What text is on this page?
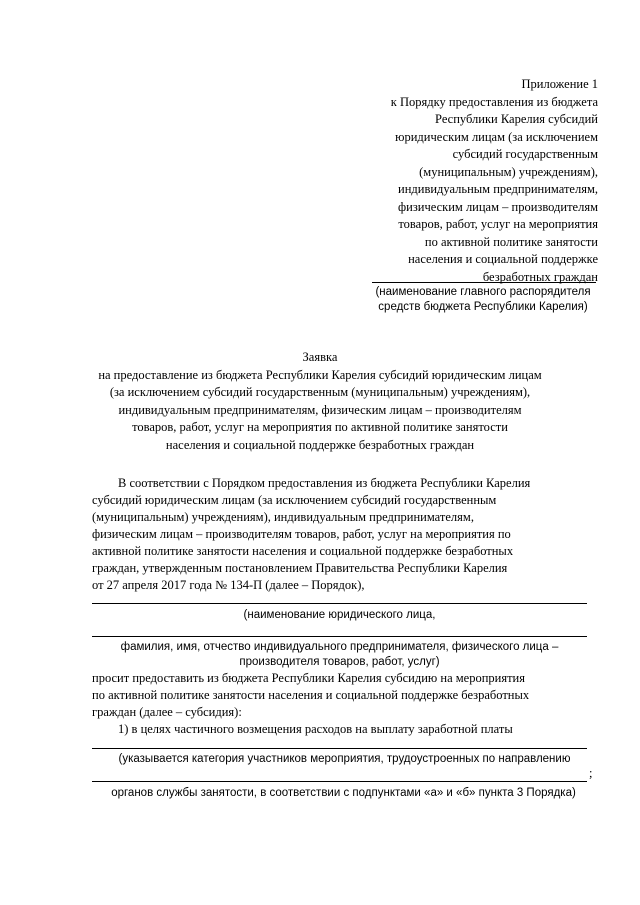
Приложение 1
к Порядку предоставления из бюджета
Республики Карелия субсидий
юридическим лицам (за исключением
субсидий государственным
(муниципальным) учреждениям),
индивидуальным предпринимателям,
физическим лицам – производителям
товаров, работ, услуг на мероприятия
по активной политике занятости
населения и социальной поддержке
безработных граждан
(наименование главного распорядителя
средств бюджета Республики Карелия)
Заявка
на предоставление из бюджета Республики Карелия субсидий юридическим лицам
(за исключением субсидий государственным (муниципальным) учреждениям),
индивидуальным предпринимателям, физическим лицам – производителям
товаров, работ, услуг на мероприятия по активной политике занятости
населения и социальной поддержке безработных граждан
В соответствии с Порядком предоставления из бюджета Республики Карелия
субсидий юридическим лицам (за исключением субсидий государственным
(муниципальным) учреждениям), индивидуальным предпринимателям,
физическим лицам – производителям товаров, работ, услуг на мероприятия по
активной политике занятости населения и социальной поддержке безработных
граждан, утвержденным постановлением Правительства Республики Карелия
от 27 апреля 2017 года № 134-П (далее – Порядок),
(наименование юридического лица,
фамилия, имя, отчество индивидуального предпринимателя, физического лица –
производителя товаров, работ, услуг)
просит предоставить из бюджета Республики Карелия субсидию на мероприятия
по активной политике занятости населения и социальной поддержке безработных
граждан (далее – субсидия):
1) в целях частичного возмещения расходов на выплату заработной платы
(указывается категория участников мероприятия, трудоустроенных по направлению
;
органов службы занятости, в соответствии с подпунктами «а» и «б» пункта 3 Порядка)
